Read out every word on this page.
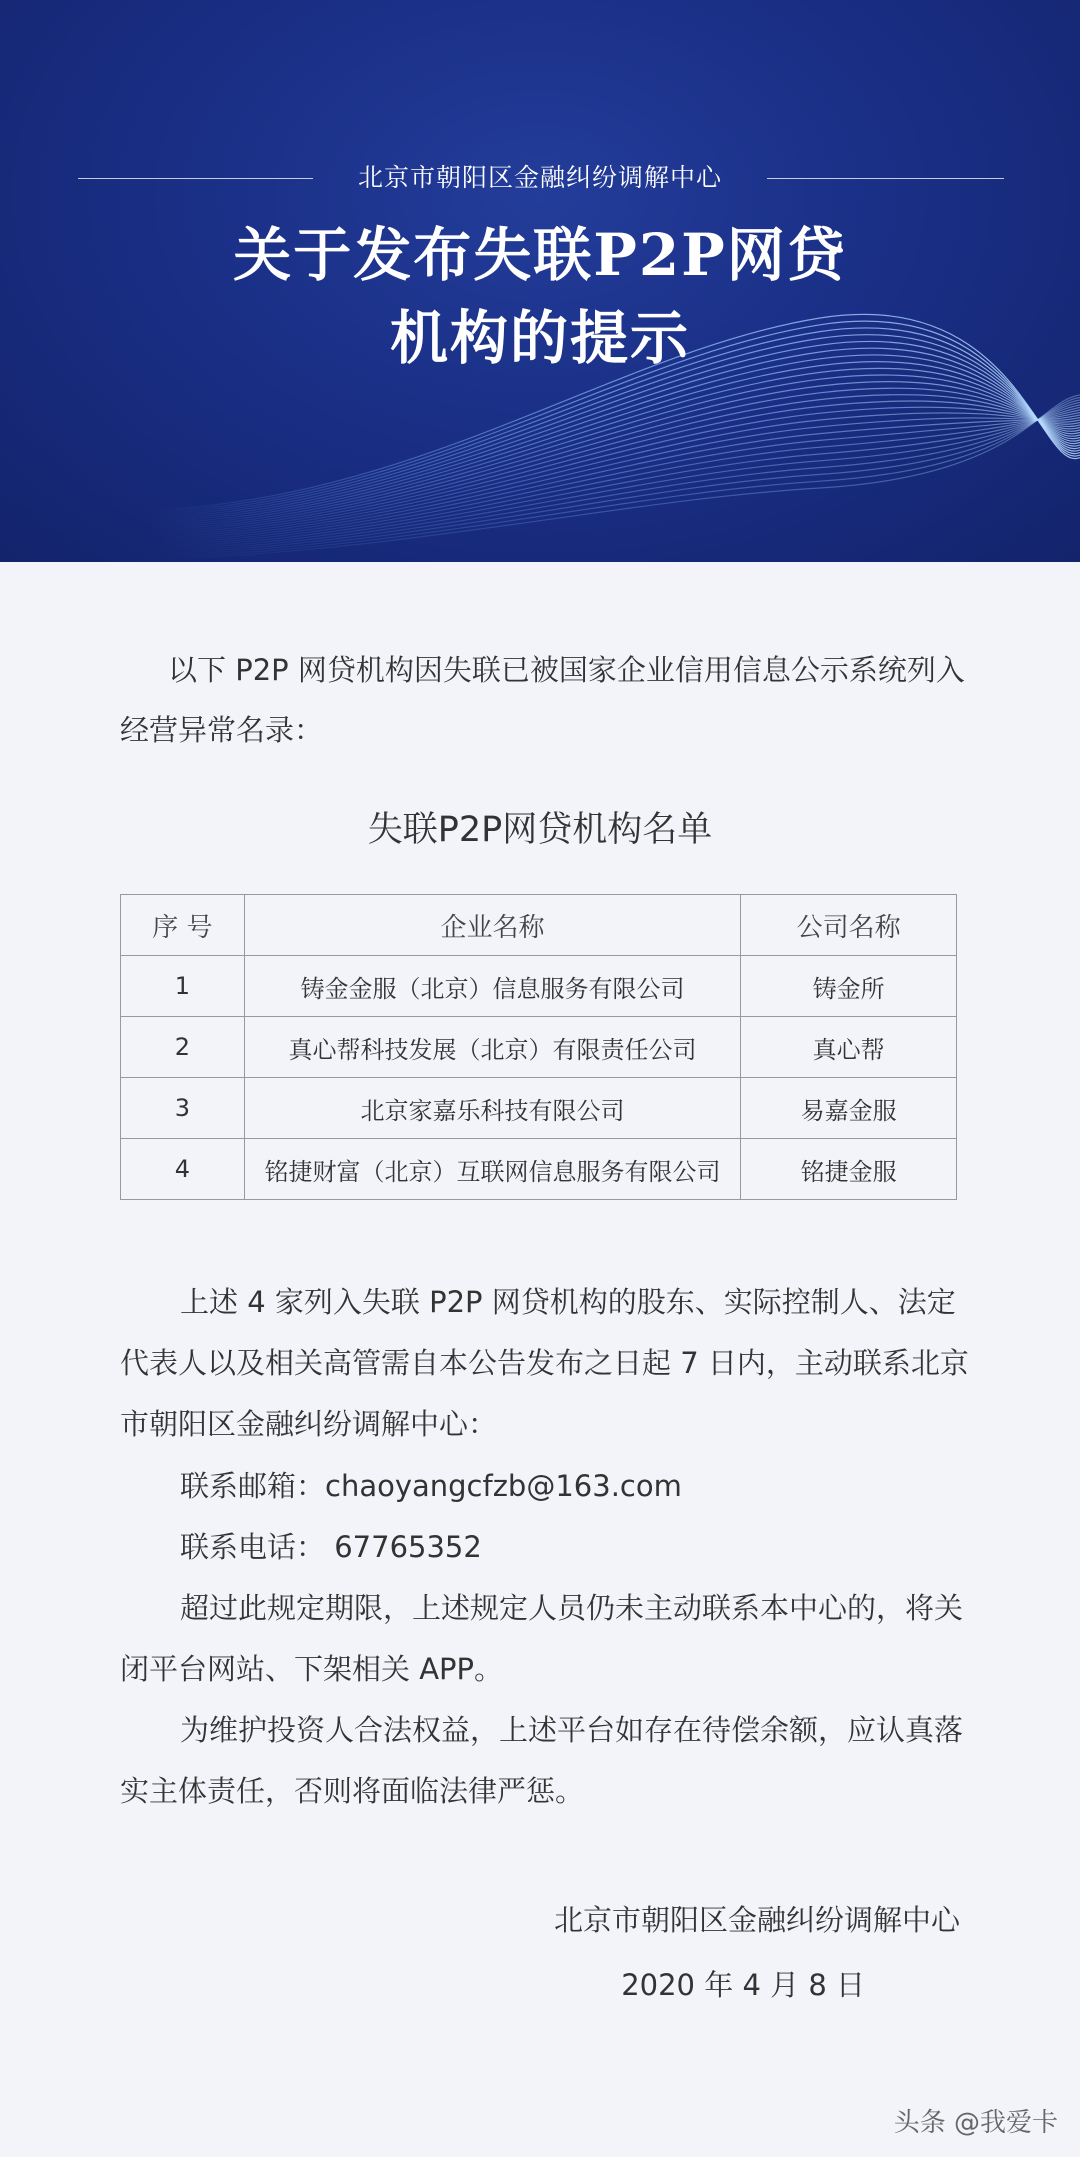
北京市朝阳区金融纠纷调解中心
关于发布失联P2P网贷
机构的提示
以下 P2P 网贷机构因失联已被国家企业信用信息公示系统列入经营异常名录：
失联P2P网贷机构名单
序 号	企业名称	公司名称
1	铸金金服（北京）信息服务有限公司	铸金所
2	真心帮科技发展（北京）有限责任公司	真心帮
3	北京家嘉乐科技有限公司	易嘉金服
4	铭捷财富（北京）互联网信息服务有限公司	铭捷金服
上述 4 家列入失联 P2P 网贷机构的股东、实际控制人、法定代表人以及相关高管需自本公告发布之日起 7 日内，主动联系北京市朝阳区金融纠纷调解中心：
联系邮箱：chaoyangcfzb@163.com
联系电话： 67765352
超过此规定期限，上述规定人员仍未主动联系本中心的，将关闭平台网站、下架相关 APP。
为维护投资人合法权益，上述平台如存在待偿余额，应认真落实主体责任，否则将面临法律严惩。
北京市朝阳区金融纠纷调解中心
2020 年 4 月 8 日
头条 @我爱卡
